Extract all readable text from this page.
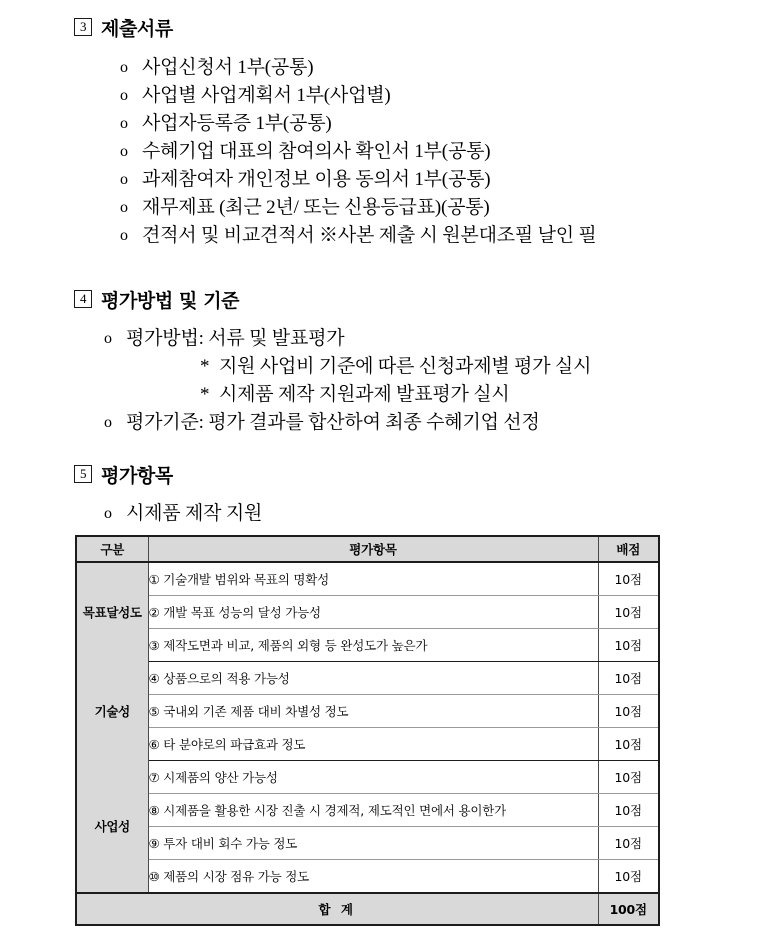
3 제출서류
o 사업신청서 1부(공통)
o 사업별 사업계획서 1부(사업별)
o 사업자등록증 1부(공통)
o 수혜기업 대표의 참여의사 확인서 1부(공통)
o 과제참여자 개인정보 이용 동의서 1부(공통)
o 재무제표 (최근 2년/ 또는 신용등급표)(공통)
o 견적서 및 비교견적서 ※사본 제출 시 원본대조필 날인 필
4 평가방법 및 기준
o 평가방법: 서류 및 발표평가
* 지원 사업비 기준에 따른 신청과제별 평가 실시
* 시제품 제작 지원과제 발표평가 실시
o 평가기준: 평가 결과를 합산하여 최종 수혜기업 선정
5 평가항목
o 시제품 제작 지원
구분	평가항목	배점
목표달성도	① 기술개발 범위와 목표의 명확성	10점
	② 개발 목표 성능의 달성 가능성	10점
	③ 제작도면과 비교, 제품의 외형 등 완성도가 높은가	10점
기술성	④ 상품으로의 적용 가능성	10점
	⑤ 국내외 기존 제품 대비 차별성 정도	10점
	⑥ 타 분야로의 파급효과 정도	10점
사업성	⑦ 시제품의 양산 가능성	10점
	⑧ 시제품을 활용한 시장 진출 시 경제적, 제도적인 면에서 용이한가	10점
	⑨ 투자 대비 회수 가능 정도	10점
	⑩ 제품의 시장 점유 가능 정도	10점
합 계		100점
